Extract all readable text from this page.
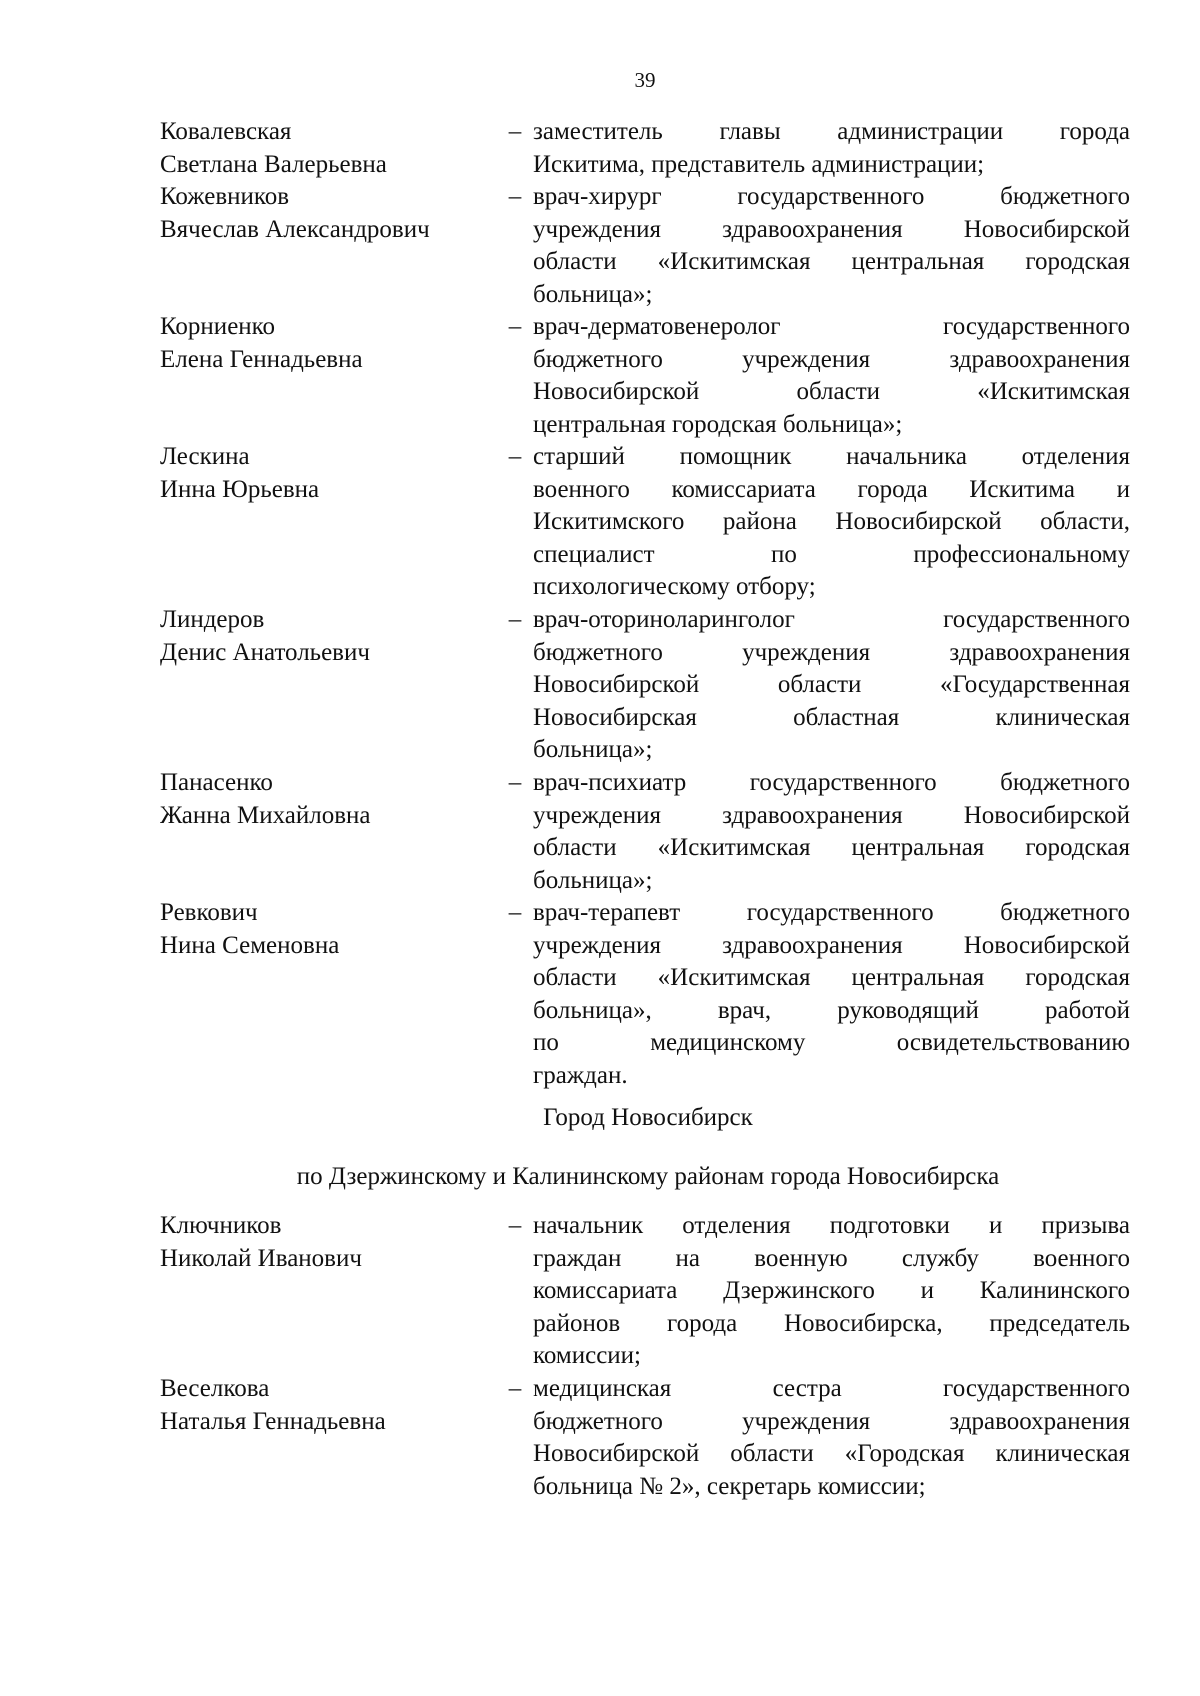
39
Ковалевская
Светлана Валерьевна
– заместитель главы администрации города
Искитима, представитель администрации;
Кожевников
Вячеслав Александрович
– врач-хирург государственного бюджетного
учреждения здравоохранения Новосибирской
области «Искитимская центральная городская
больница»;
Корниенко
Елена Геннадьевна
– врач-дерматовенеролог государственного
бюджетного учреждения здравоохранения
Новосибирской области «Искитимская
центральная городская больница»;
Лескина
Инна Юрьевна
– старший помощник начальника отделения
военного комиссариата города Искитима и
Искитимского района Новосибирской области,
специалист по профессиональному
психологическому отбору;
Линдеров
Денис Анатольевич
– врач-оториноларинголог государственного
бюджетного учреждения здравоохранения
Новосибирской области «Государственная
Новосибирская областная клиническая
больница»;
Панасенко
Жанна Михайловна
– врач-психиатр государственного бюджетного
учреждения здравоохранения Новосибирской
области «Искитимская центральная городская
больница»;
Ревкович
Нина Семеновна
– врач-терапевт государственного бюджетного
учреждения здравоохранения Новосибирской
области «Искитимская центральная городская
больница», врач, руководящий работой
по медицинскому освидетельствованию
граждан.
Город Новосибирск
по Дзержинскому и Калининскому районам города Новосибирска
Ключников
Николай Иванович
– начальник отделения подготовки и призыва
граждан на военную службу военного
комиссариата Дзержинского и Калининского
районов города Новосибирска, председатель
комиссии;
Веселкова
Наталья Геннадьевна
– медицинская сестра государственного
бюджетного учреждения здравоохранения
Новосибирской области «Городская клиническая
больница № 2», секретарь комиссии;
